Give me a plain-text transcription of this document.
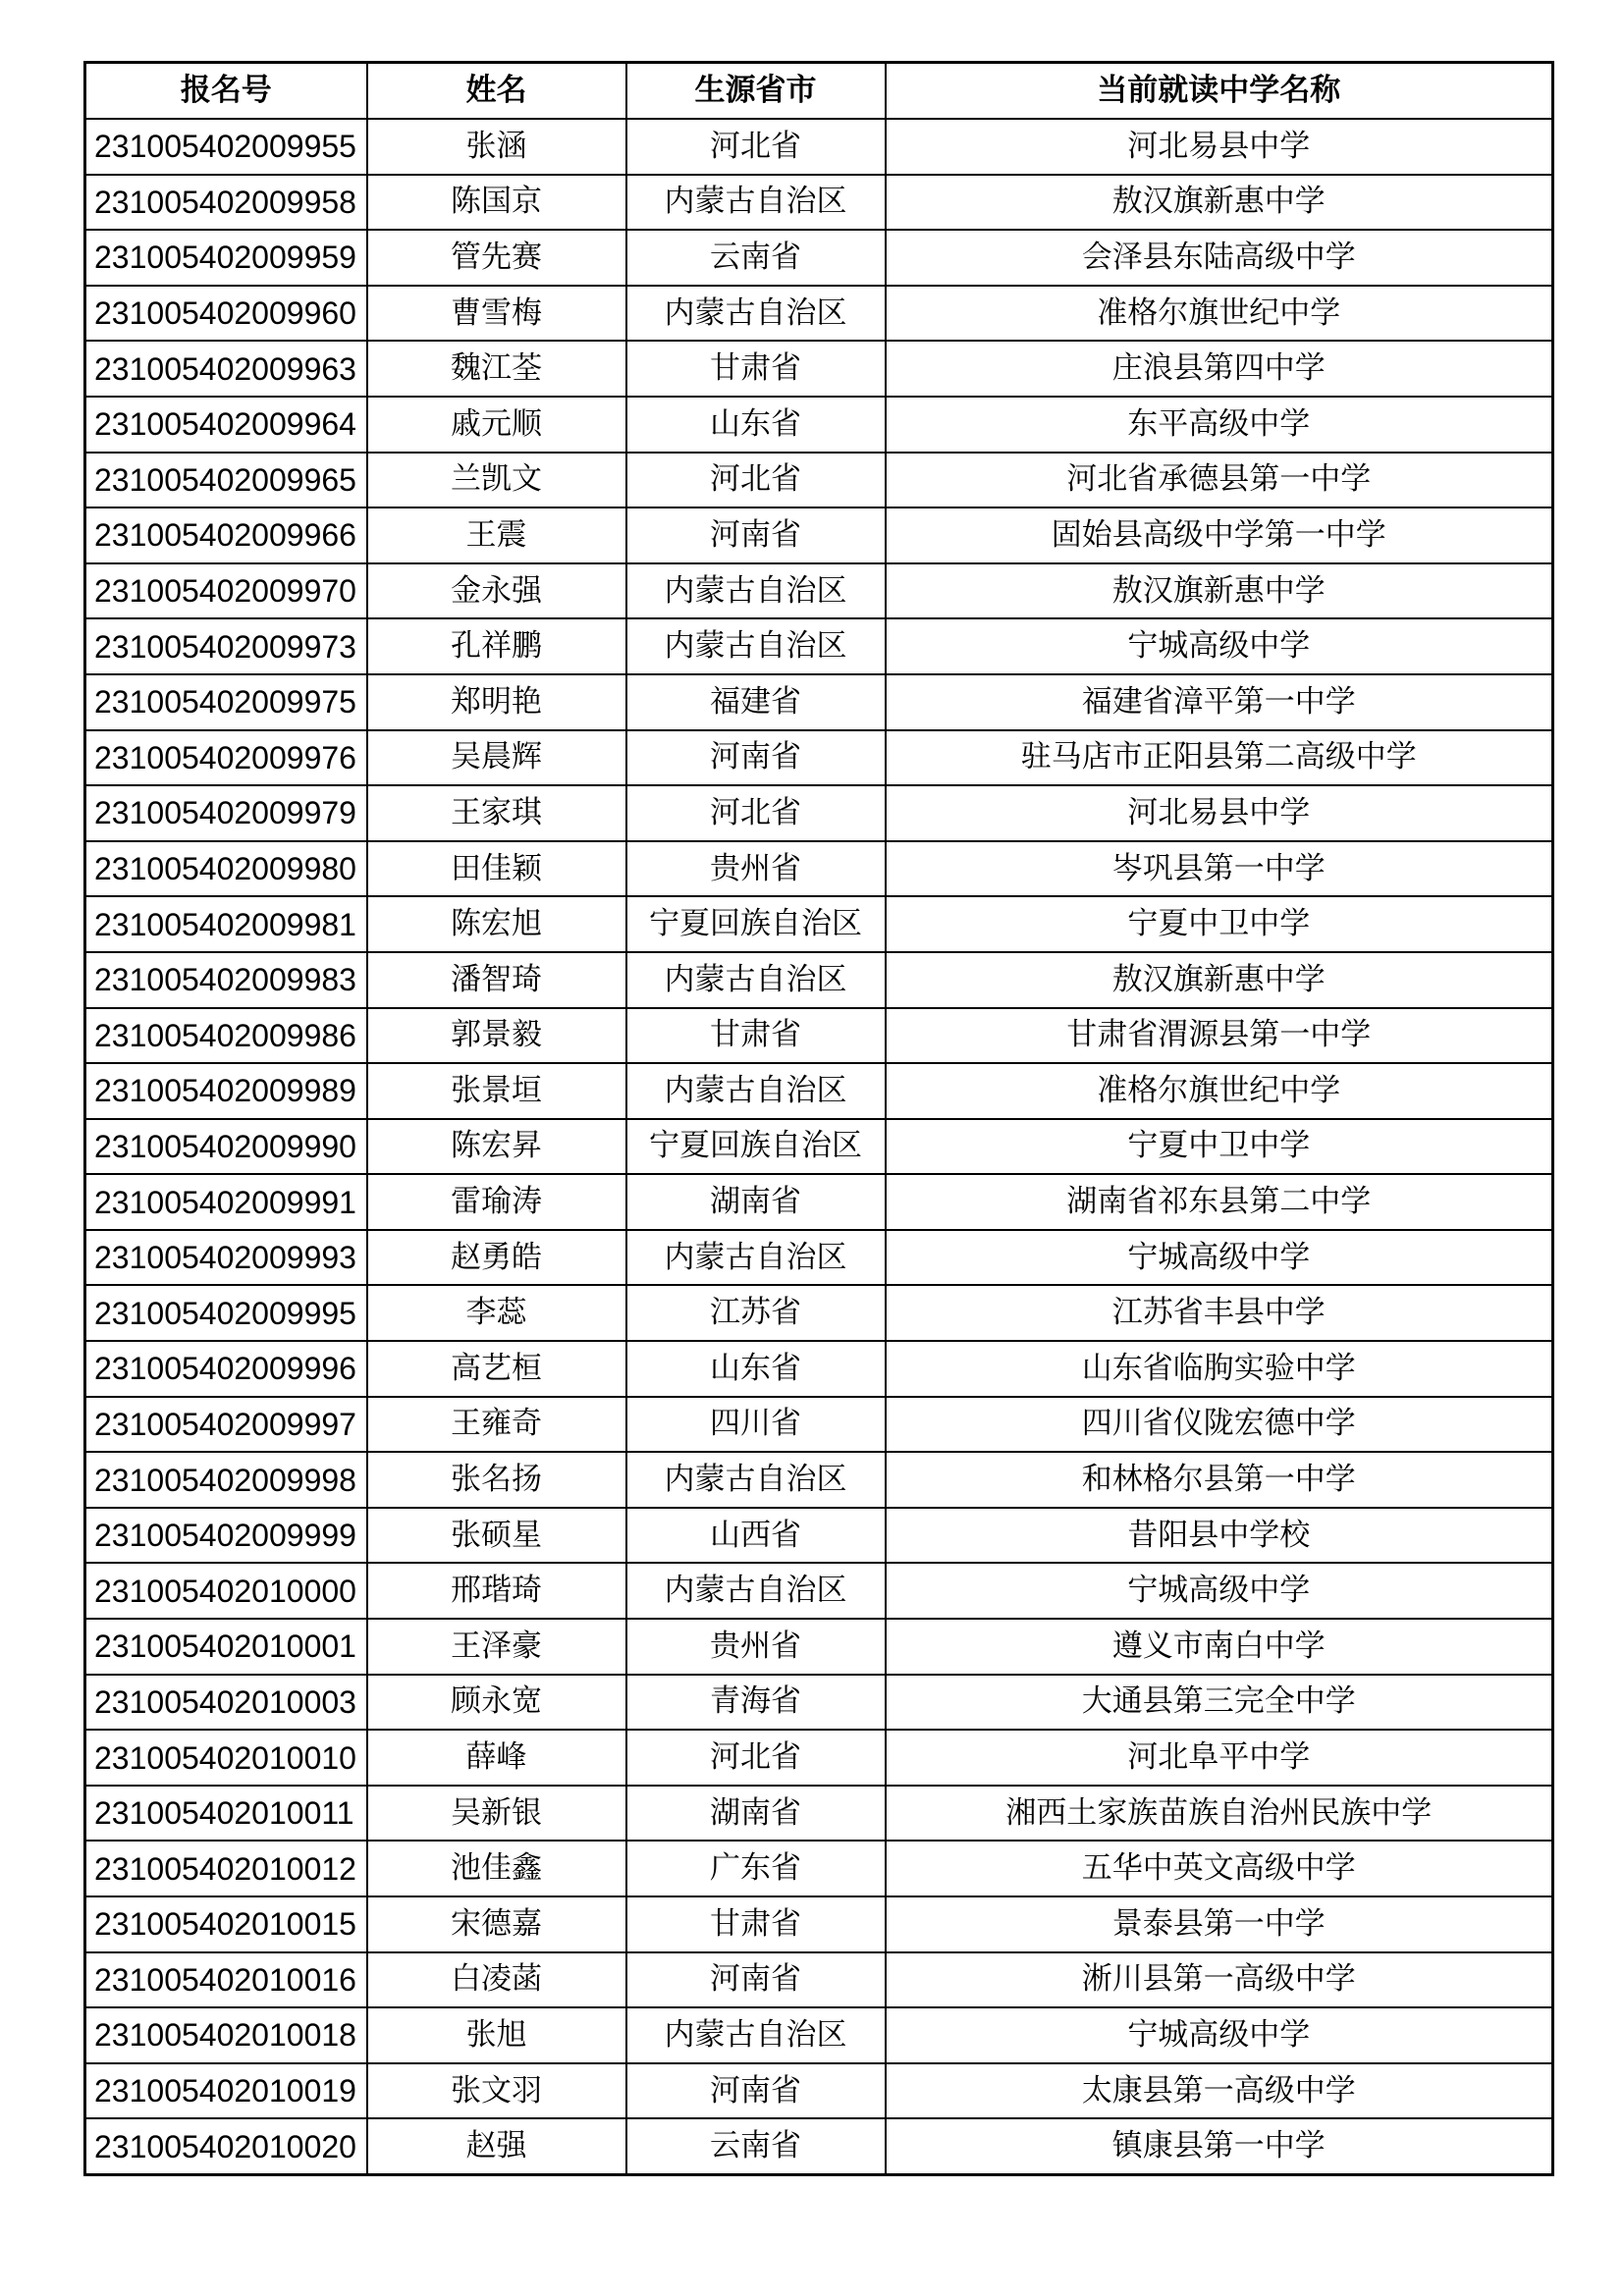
报名号	姓名	生源省市	当前就读中学名称
231005402009955	张涵	河北省	河北易县中学
231005402009958	陈国京	内蒙古自治区	敖汉旗新惠中学
231005402009959	管先赛	云南省	会泽县东陆高级中学
231005402009960	曹雪梅	内蒙古自治区	准格尔旗世纪中学
231005402009963	魏江荃	甘肃省	庄浪县第四中学
231005402009964	戚元顺	山东省	东平高级中学
231005402009965	兰凯文	河北省	河北省承德县第一中学
231005402009966	王震	河南省	固始县高级中学第一中学
231005402009970	金永强	内蒙古自治区	敖汉旗新惠中学
231005402009973	孔祥鹏	内蒙古自治区	宁城高级中学
231005402009975	郑明艳	福建省	福建省漳平第一中学
231005402009976	吴晨辉	河南省	驻马店市正阳县第二高级中学
231005402009979	王家琪	河北省	河北易县中学
231005402009980	田佳颖	贵州省	岑巩县第一中学
231005402009981	陈宏旭	宁夏回族自治区	宁夏中卫中学
231005402009983	潘智琦	内蒙古自治区	敖汉旗新惠中学
231005402009986	郭景毅	甘肃省	甘肃省渭源县第一中学
231005402009989	张景垣	内蒙古自治区	准格尔旗世纪中学
231005402009990	陈宏昇	宁夏回族自治区	宁夏中卫中学
231005402009991	雷瑜涛	湖南省	湖南省祁东县第二中学
231005402009993	赵勇皓	内蒙古自治区	宁城高级中学
231005402009995	李蕊	江苏省	江苏省丰县中学
231005402009996	高艺桓	山东省	山东省临朐实验中学
231005402009997	王雍奇	四川省	四川省仪陇宏德中学
231005402009998	张名扬	内蒙古自治区	和林格尔县第一中学
231005402009999	张硕星	山西省	昔阳县中学校
231005402010000	邢瑎琦	内蒙古自治区	宁城高级中学
231005402010001	王泽豪	贵州省	遵义市南白中学
231005402010003	顾永宽	青海省	大通县第三完全中学
231005402010010	薛峰	河北省	河北阜平中学
231005402010011	吴新银	湖南省	湘西土家族苗族自治州民族中学
231005402010012	池佳鑫	广东省	五华中英文高级中学
231005402010015	宋德嘉	甘肃省	景泰县第一中学
231005402010016	白凌菡	河南省	淅川县第一高级中学
231005402010018	张旭	内蒙古自治区	宁城高级中学
231005402010019	张文羽	河南省	太康县第一高级中学
231005402010020	赵强	云南省	镇康县第一中学
